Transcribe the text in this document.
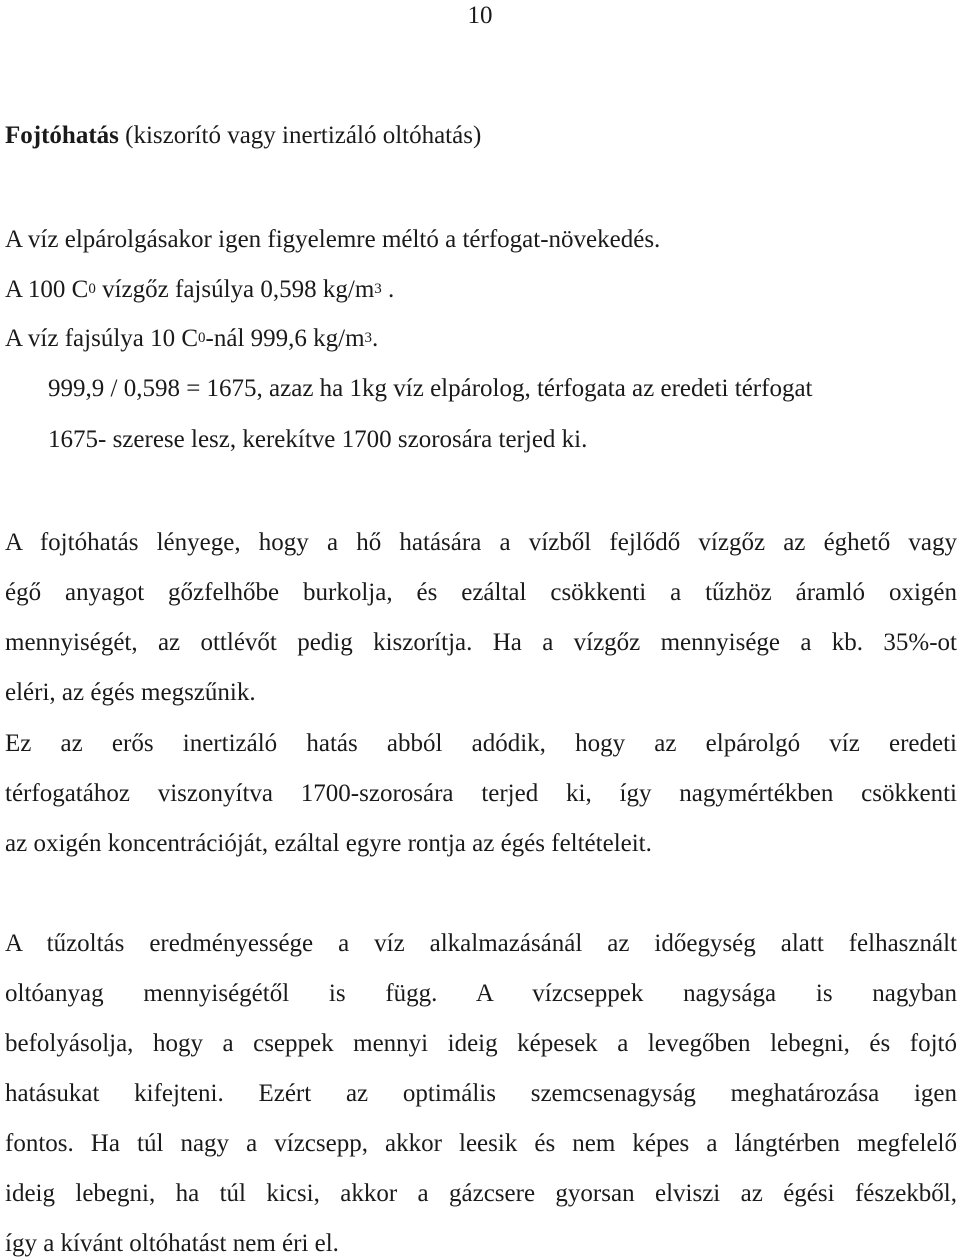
10
Fojtóhatás (kiszorító vagy inertizáló oltóhatás)
A víz elpárolgásakor igen figyelemre méltó a térfogat-növekedés.
A 100 $C^0$ vízgőz fajsúlya 0,598 $kg/m^3$ .
A víz fajsúlya 10 $C^0$-nál 999,6 $kg/m^3$.
999,9 / 0,598 = 1675, azaz ha 1kg víz elpárolog, térfogata az eredeti térfogat
1675- szerese lesz, kerekítve 1700 szorosára terjed ki.
A fojtóhatás lényege, hogy a hő hatására a vízből fejlődő vízgőz az éghető vagy
égő anyagot gőzfelhőbe burkolja, és ezáltal csökkenti a tűzhöz áramló oxigén
mennyiségét, az ottlévőt pedig kiszorítja. Ha a vízgőz mennyisége a kb. 35%-ot
eléri, az égés megszűnik.
Ez az erős inertizáló hatás abból adódik, hogy az elpárolgó víz eredeti
térfogatához viszonyítva 1700-szorosára terjed ki, így nagymértékben csökkenti
az oxigén koncentrációját, ezáltal egyre rontja az égés feltételeit.
A tűzoltás eredményessége a víz alkalmazásánál az időegység alatt felhasznált
oltóanyag mennyiségétől is függ. A vízcseppek nagysága is nagyban
befolyásolja, hogy a cseppek mennyi ideig képesek a levegőben lebegni, és fojtó
hatásukat kifejteni. Ezért az optimális szemcsenagyság meghatározása igen
fontos. Ha túl nagy a vízcsepp, akkor leesik és nem képes a lángtérben megfelelő
ideig lebegni, ha túl kicsi, akkor a gázcsere gyorsan elviszi az égési fészekből,
így a kívánt oltóhatást nem éri el.
